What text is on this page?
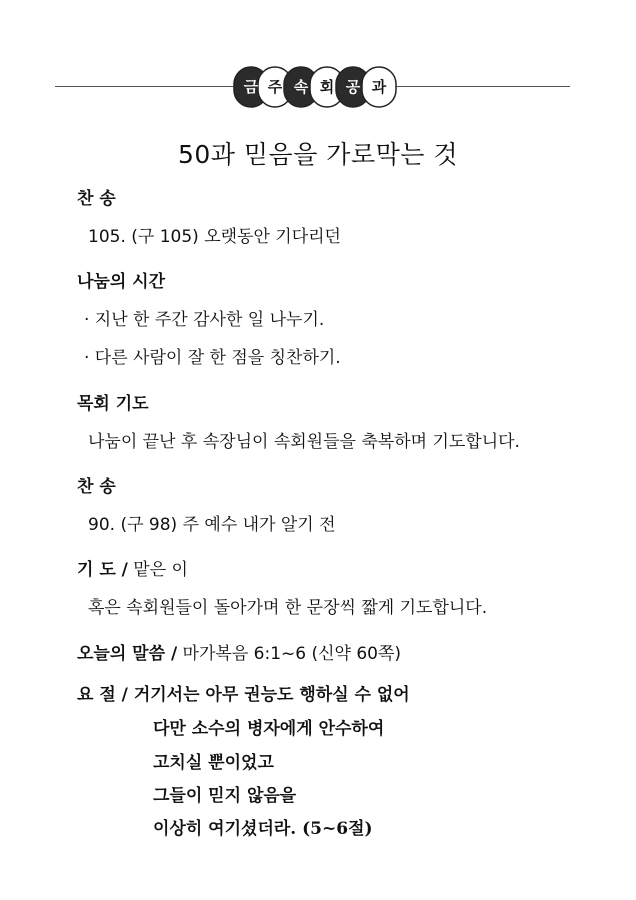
금 주 속 회 공 과
50과 믿음을 가로막는 것
찬 송
105. (구 105) 오랫동안 기다리던
나눔의 시간
· 지난 한 주간 감사한 일 나누기.
· 다른 사람이 잘 한 점을 칭찬하기.
목회 기도
나눔이 끝난 후 속장님이 속회원들을 축복하며 기도합니다.
찬 송
90. (구 98) 주 예수 내가 알기 전
기 도 / 맡은 이
혹은 속회원들이 돌아가며 한 문장씩 짧게 기도합니다.
오늘의 말씀 / 마가복음 6:1~6 (신약 60쪽)
요 절 / 거기서는 아무 권능도 행하실 수 없어
다만 소수의 병자에게 안수하여
고치실 뿐이었고
그들이 믿지 않음을
이상히 여기셨더라. (5~6절)
